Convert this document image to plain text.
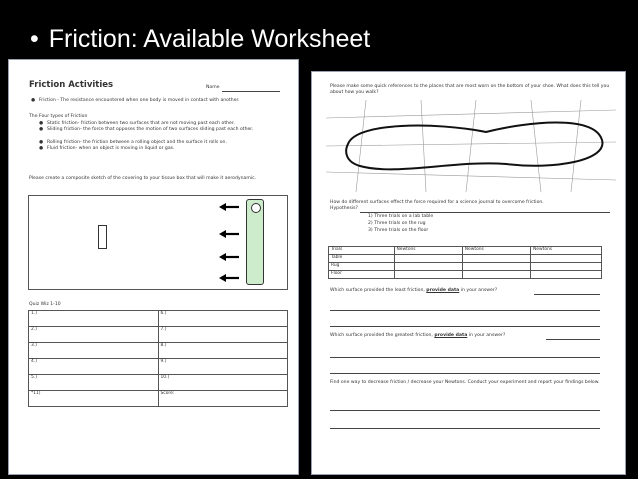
• Friction: Available Worksheet
Friction Activities	Name
● Friction - The resistance encountered when one body is moved in contact with another.
The Four types of Friction
● Static friction- friction between two surfaces that are not moving past each other.
● Sliding friction- the force that opposes the motion of two surfaces sliding past each other.
● Rolling friction- the friction between a rolling object and the surface it rolls on.
● Fluid friction- when an object is moving in liquid or gas.
Please create a composite sketch of the covering to your tissue box that will make it aerodynamic.
Quiz Wiz 1-10
1.)	6.)
2.)	7.)
3.)	8.)
4.)	9.)
5.)	10.)
*11)	Score:
Please make some quick references to the places that are most worn on the bottom of your shoe. What does this tell you about how you walk?
How do different surfaces effect the force required for a science journal to overcome friction.
Hypothesis?
1) Three trials on a lab table
2) Three trials on the rug
3) Three trials on the floor
Trials	Newtons	Newtons	Newtons
Table			
Rug			
Floor			
Which surface provided the least friction, provide data in your answer?
Which surface provided the greatest friction, provide data in your answer?
Find one way to decrease friction / decrease your Newtons. Conduct your experiment and report your findings below.
